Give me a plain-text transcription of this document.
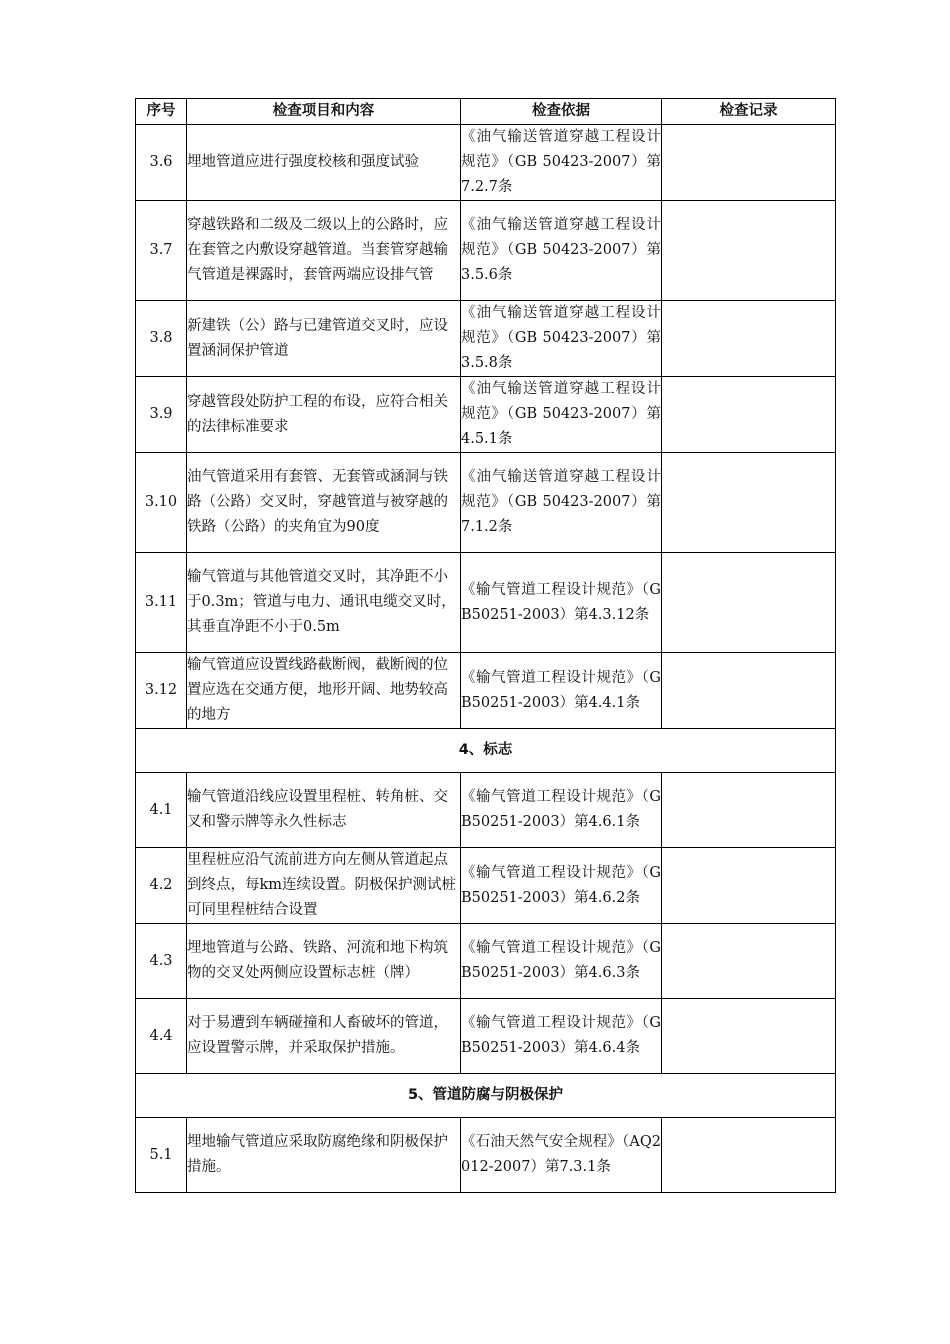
序号	检查项目和内容	检查依据	检查记录
3.6	埋地管道应进行强度校核和强度试验	《油气输送管道穿越工程设计规范》（GB 50423-2007）第7.2.7条	
3.7	穿越铁路和二级及二级以上的公路时，应在套管之内敷设穿越管道。当套管穿越输气管道是裸露时，套管两端应设排气管	《油气输送管道穿越工程设计规范》（GB 50423-2007）第3.5.6条	
3.8	新建铁（公）路与已建管道交叉时，应设置涵洞保护管道	《油气输送管道穿越工程设计规范》（GB 50423-2007）第3.5.8条	
3.9	穿越管段处防护工程的布设，应符合相关的法律标准要求	《油气输送管道穿越工程设计规范》（GB 50423-2007）第4.5.1条	
3.10	油气管道采用有套管、无套管或涵洞与铁路（公路）交叉时，穿越管道与被穿越的铁路（公路）的夹角宜为90度	《油气输送管道穿越工程设计规范》（GB 50423-2007）第7.1.2条	
3.11	输气管道与其他管道交叉时，其净距不小于0.3m；管道与电力、通讯电缆交叉时，其垂直净距不小于0.5m	《输气管道工程设计规范》（GB50251-2003）第4.3.12条	
3.12	输气管道应设置线路截断阀，截断阀的位置应选在交通方便，地形开阔、地势较高的地方	《输气管道工程设计规范》（GB50251-2003）第4.4.1条	
4、标志			
4.1	输气管道沿线应设置里程桩、转角桩、交叉和警示牌等永久性标志	《输气管道工程设计规范》（GB50251-2003）第4.6.1条	
4.2	里程桩应沿气流前进方向左侧从管道起点到终点，每km连续设置。阴极保护测试桩可同里程桩结合设置	《输气管道工程设计规范》（GB50251-2003）第4.6.2条	
4.3	埋地管道与公路、铁路、河流和地下构筑物的交叉处两侧应设置标志桩（牌）	《输气管道工程设计规范》（GB50251-2003）第4.6.3条	
4.4	对于易遭到车辆碰撞和人畜破坏的管道，应设置警示牌，并采取保护措施。	《输气管道工程设计规范》（GB50251-2003）第4.6.4条	
5、管道防腐与阴极保护			
5.1	埋地输气管道应采取防腐绝缘和阴极保护措施。	《石油天然气安全规程》（AQ2012-2007）第7.3.1条	
